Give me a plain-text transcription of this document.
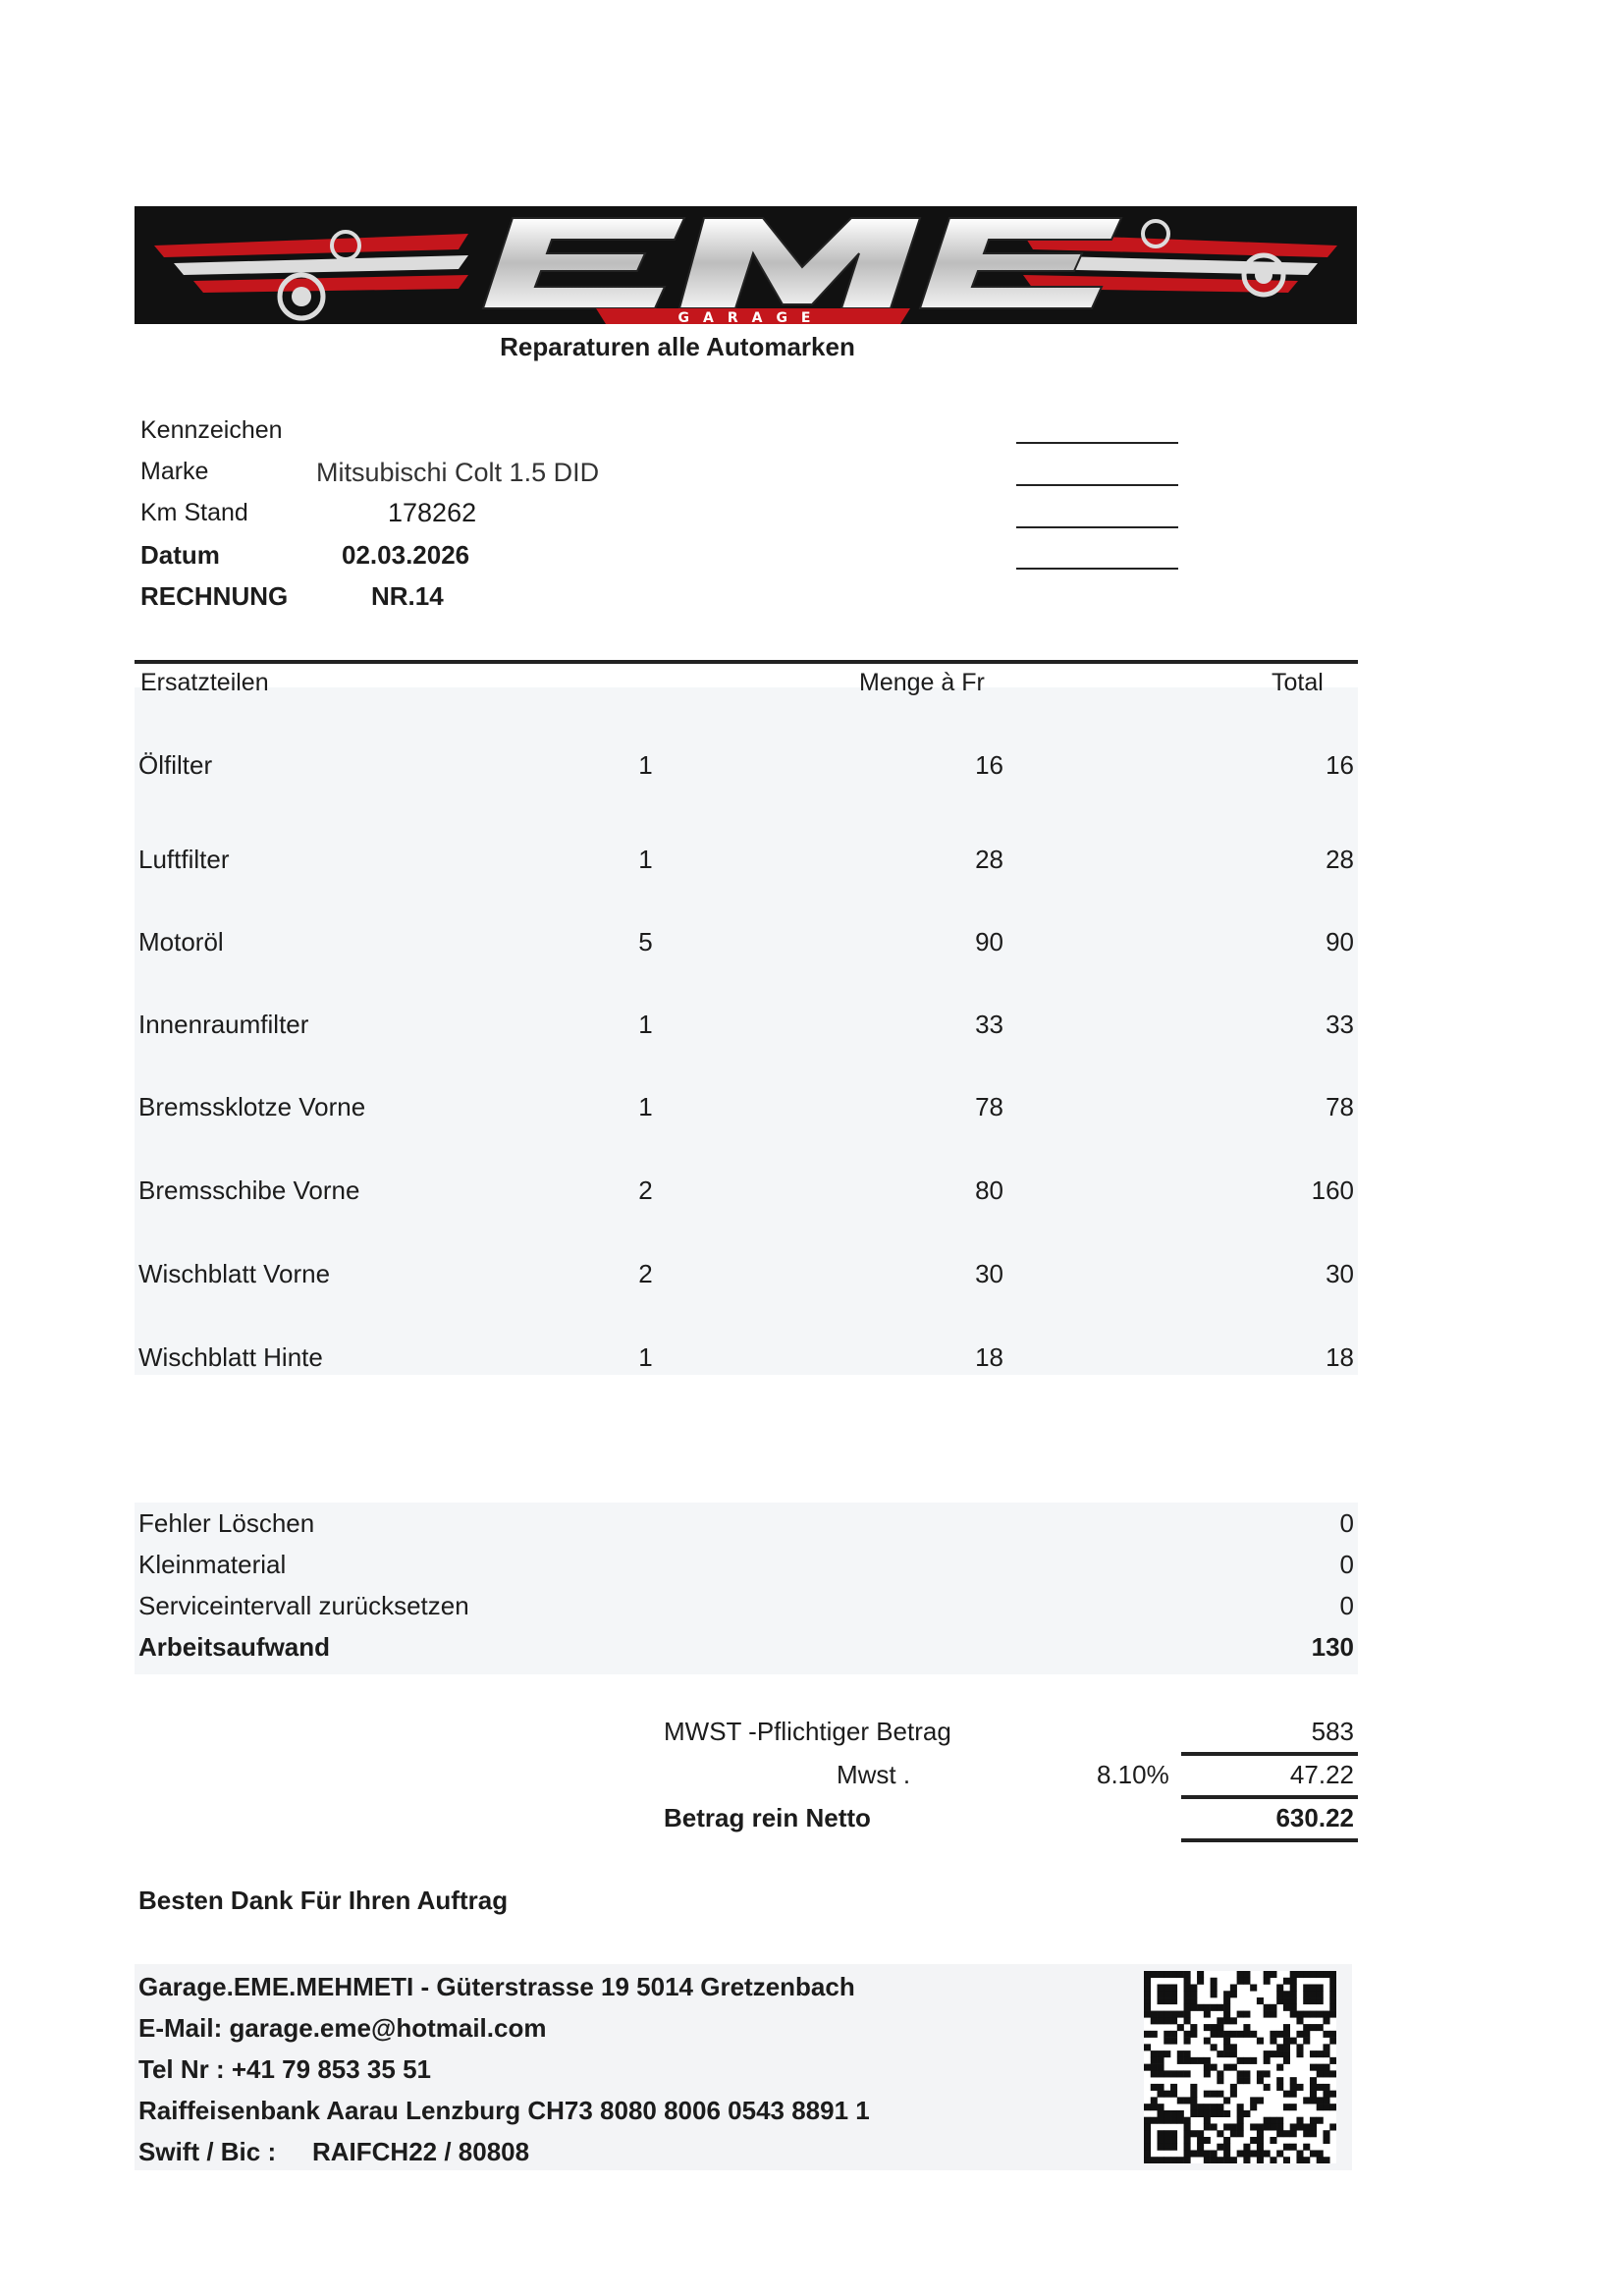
GARAGE
Reparaturen alle Automarken
Kennzeichen
Marke	Mitsubischi Colt 1.5 DID
Km Stand	178262
Datum	02.03.2026
RECHNUNG	NR.14
Ersatzteilen	Menge à Fr	Total
Ölfilter	1	16	16
Luftfilter	1	28	28
Motoröl	5	90	90
Innenraumfilter	1	33	33
Bremssklotze Vorne	1	78	78
Bremsschibe Vorne	2	80	160
Wischblatt Vorne	2	30	30
Wischblatt Hinte	1	18	18
Fehler Löschen	0
Kleinmaterial	0
Serviceintervall zurücksetzen	0
Arbeitsaufwand	130
MWST -Pflichtiger Betrag	583
Mwst .	8.10%	47.22
Betrag rein Netto	630.22
Besten Dank Für Ihren Auftrag
Garage.EME.MEHMETI - Güterstrasse 19 5014 Gretzenbach
E-Mail: garage.eme@hotmail.com
Tel Nr : +41 79 853 35 51
Raiffeisenbank Aarau Lenzburg CH73 8080 8006 0543 8891 1
Swift / Bic : RAIFCH22 / 80808
